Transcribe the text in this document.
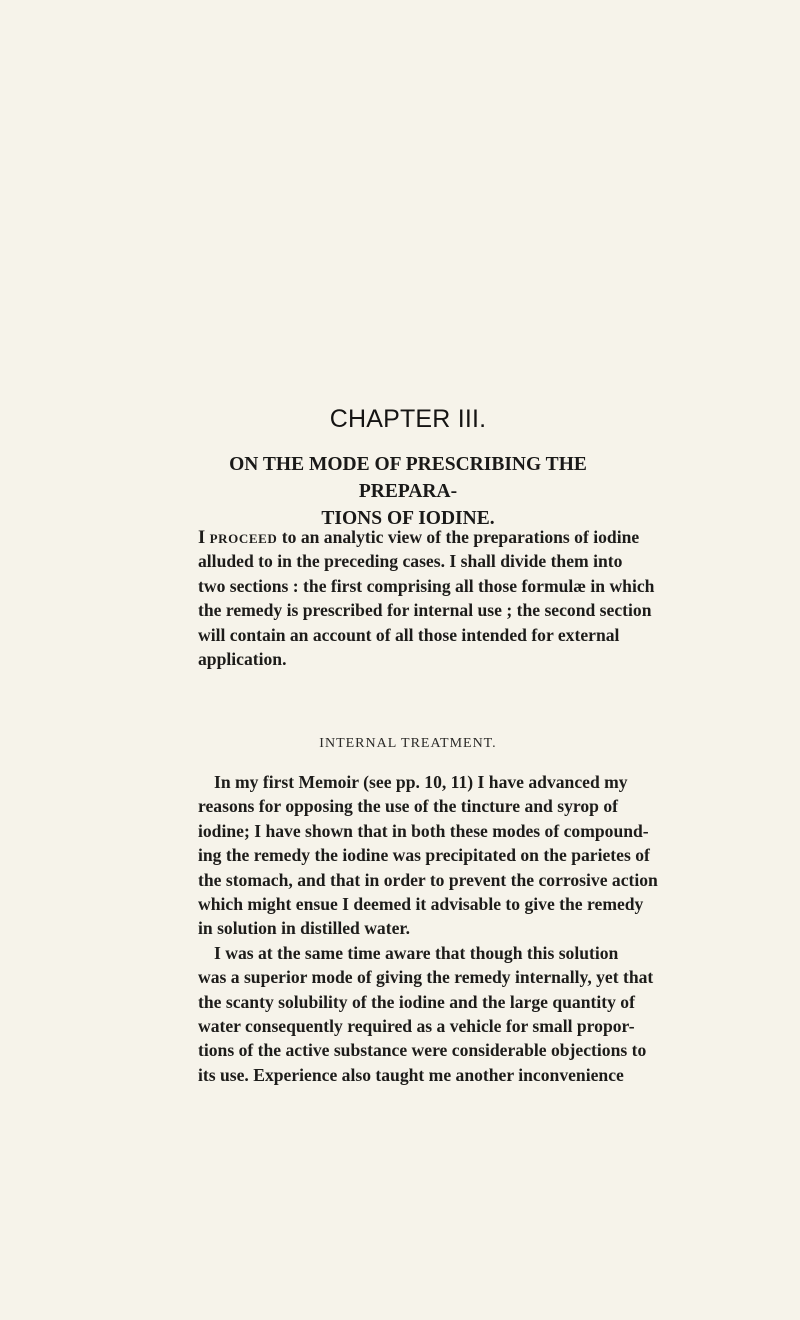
CHAPTER III.
ON THE MODE OF PRESCRIBING THE PREPARA-
TIONS OF IODINE.
I PROCEED to an analytic view of the preparations of iodine
alluded to in the preceding cases. I shall divide them into
two sections : the first comprising all those formulæ in which
the remedy is prescribed for internal use ; the second section
will contain an account of all those intended for external
application.
INTERNAL TREATMENT.
In my first Memoir (see pp. 10, 11) I have advanced my
reasons for opposing the use of the tincture and syrop of
iodine; I have shown that in both these modes of compound-
ing the remedy the iodine was precipitated on the parietes of
the stomach, and that in order to prevent the corrosive action
which might ensue I deemed it advisable to give the remedy
in solution in distilled water.
I was at the same time aware that though this solution
was a superior mode of giving the remedy internally, yet that
the scanty solubility of the iodine and the large quantity of
water consequently required as a vehicle for small propor-
tions of the active substance were considerable objections to
its use. Experience also taught me another inconvenience
